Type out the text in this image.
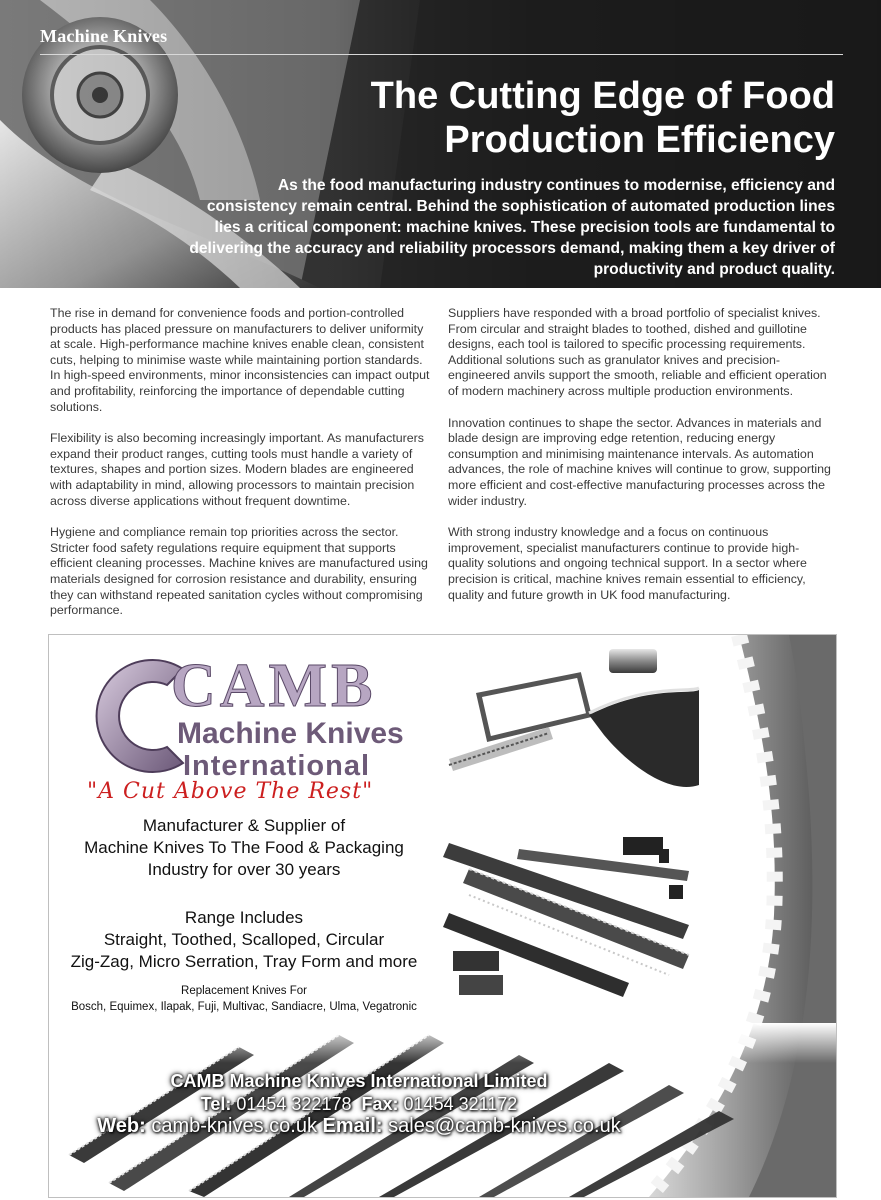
Machine Knives
The Cutting Edge of Food
Production Efficiency

As the food manufacturing industry continues to modernise, efficiency and consistency remain central. Behind the sophistication of automated production lines lies a critical component: machine knives. These precision tools are fundamental to delivering the accuracy and reliability processors demand, making them a key driver of productivity and product quality.

The rise in demand for convenience foods and portion-controlled products has placed pressure on manufacturers to deliver uniformity at scale. High-performance machine knives enable clean, consistent cuts, helping to minimise waste while maintaining portion standards. In high-speed environments, minor inconsistencies can impact output and profitability, reinforcing the importance of dependable cutting solutions.

Flexibility is also becoming increasingly important. As manufacturers expand their product ranges, cutting tools must handle a variety of textures, shapes and portion sizes. Modern blades are engineered with adaptability in mind, allowing processors to maintain precision across diverse applications without frequent downtime.

Hygiene and compliance remain top priorities across the sector. Stricter food safety regulations require equipment that supports efficient cleaning processes. Machine knives are manufactured using materials designed for corrosion resistance and durability, ensuring they can withstand repeated sanitation cycles without compromising performance.

Suppliers have responded with a broad portfolio of specialist knives. From circular and straight blades to toothed, dished and guillotine designs, each tool is tailored to specific processing requirements. Additional solutions such as granulator knives and precision-engineered anvils support the smooth, reliable and efficient operation of modern machinery across multiple production environments.

Innovation continues to shape the sector. Advances in materials and blade design are improving edge retention, reducing energy consumption and minimising maintenance intervals. As automation advances, the role of machine knives will continue to grow, supporting more efficient and cost-effective manufacturing processes across the wider industry.

With strong industry knowledge and a focus on continuous improvement, specialist manufacturers continue to provide high-quality solutions and ongoing technical support. In a sector where precision is critical, machine knives remain essential to efficiency, quality and future growth in UK food manufacturing.

CAMB
Machine Knives
International
"A Cut Above The Rest"

Manufacturer & Supplier of
Machine Knives To The Food & Packaging
Industry for over 30 years

Range Includes

Straight, Toothed, Scalloped, Circular
Zig-Zag, Micro Serration, Tray Form and more

Replacement Knives For

Bosch, Equimex, Ilapak, Fuji, Multivac, Sandiacre, Ulma, Vegatronic

CAMB Machine Knives International Limited
Tel: 01454 322178 Fax: 01454 321172
Web: camb-knives.co.uk Email: sales@camb-knives.co.uk
